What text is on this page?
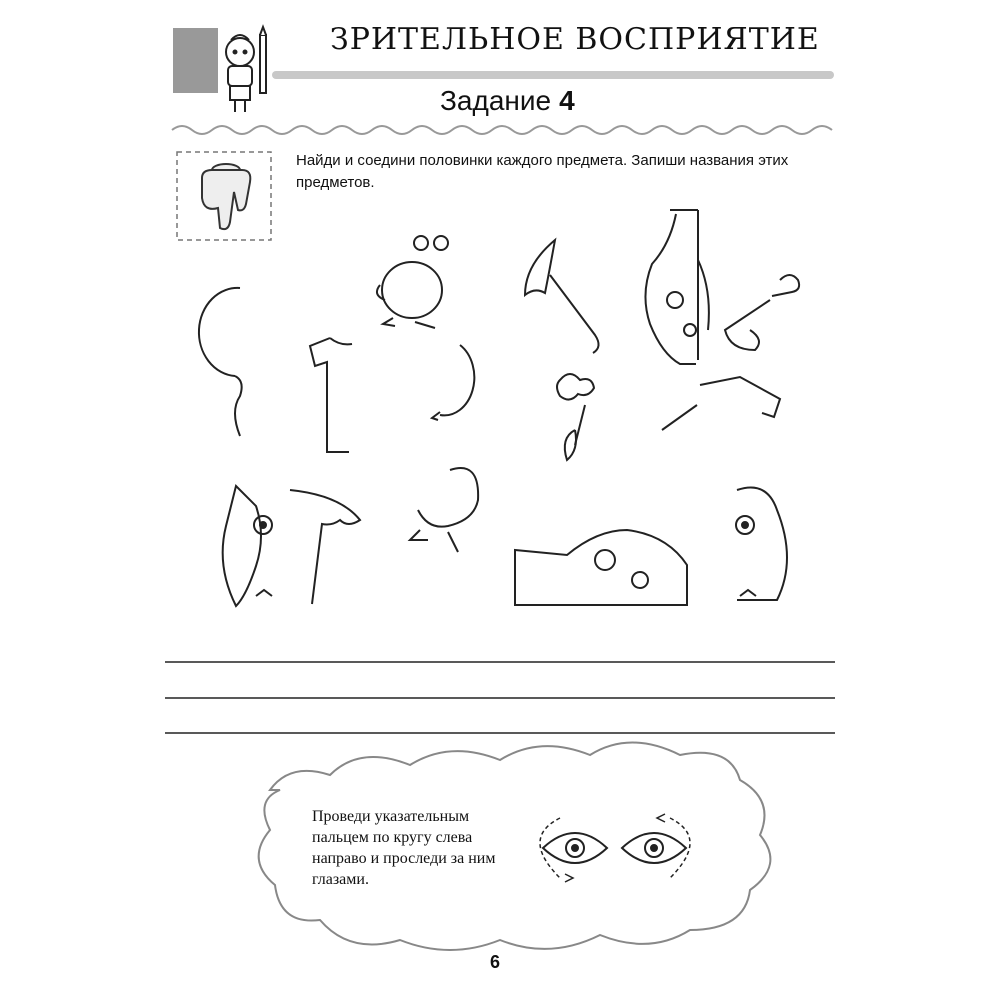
ЗРИТЕЛЬНОЕ ВОСПРИЯТИЕ
Задание 4
Найди и соедини половинки каждого предмета. Запиши названия этих предметов.
Проведи указательным пальцем по кругу слева направо и проследи за ним глазами.
6
